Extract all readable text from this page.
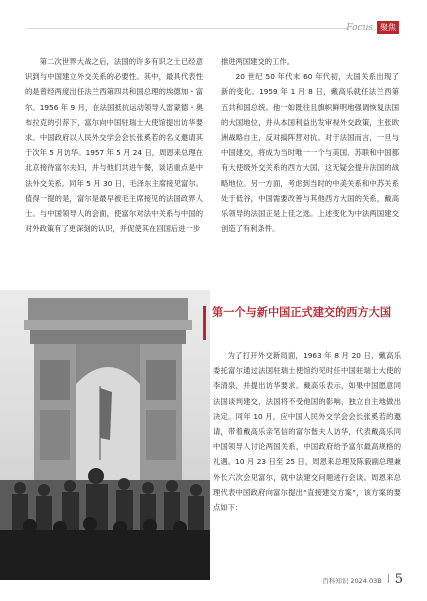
Focus 聚焦

第二次世界大战之后，法国的许多有识之士已经意识到与中国建立外交关系的必要性。其中，最具代表性的是曾经两度出任法兰西第四共和国总理的埃德加・富尔。1956 年 9 月，在法国抵抗运动领导人雷蒙德・奥布拉克的引荐下，富尔向中国驻瑞士大使馆提出访华要求。中国政府以人民外交学会会长张奚若的名义邀请其于次年 5 月访华。1957 年 5 月 24 日，周恩来总理在北京接待富尔夫妇，并与他们共进午餐，谈话重点是中法外交关系。同年 5 月 30 日，毛泽东主席接见富尔。值得一提的是，富尔是最早被毛主席接见的法国政界人士。与中国领导人的会面，使富尔对法中关系与中国的对外政策有了更深刻的认识，并促使其在回国后进一步

推进两国建交的工作。

20 世纪 50 年代末 60 年代初，大国关系出现了新的变化。1959 年 1 月 8 日，戴高乐就任法兰西第五共和国总统。他一如既往且旗帜鲜明地强调恢复法国的大国地位，并从本国利益出发审视外交政策，主张欧洲战略自主，反对搞阵营对抗。对于法国而言，一旦与中国建交，将成为当时唯一一个与美国、苏联和中国都有大使级外交关系的西方大国，这无疑会提升法国的战略地位。另一方面，考虑到当时的中美关系和中苏关系处于低谷，中国需要改善与其他西方大国的关系，戴高乐领导的法国正是上佳之选。上述变化为中法两国建交创造了有利条件。

第一个与新中国正式建交的西方大国

为了打开外交新局面，1963 年 8 月 20 日，戴高乐委托富尔通过法国驻瑞士使馆约见时任中国驻瑞士大使的李清泉，并提出访华要求。戴高乐表示，如果中国愿意同法国谈判建交，法国将不受他国的影响，独立自主地做出决定。同年 10 月，应中国人民外交学会会长张奚若的邀请，带着戴高乐亲笔信的富尔偕夫人访华，代表戴高乐同中国领导人讨论两国关系，中国政府给予富尔最高规格的礼遇。10 月 23 日至 25 日，周恩来总理及陈毅副总理兼外长六次会见富尔，就中法建交问题进行会谈。周恩来总理代表中国政府向富尔提出“直接建交方案”，该方案的要点如下：

百科知识 2024.03B 5
